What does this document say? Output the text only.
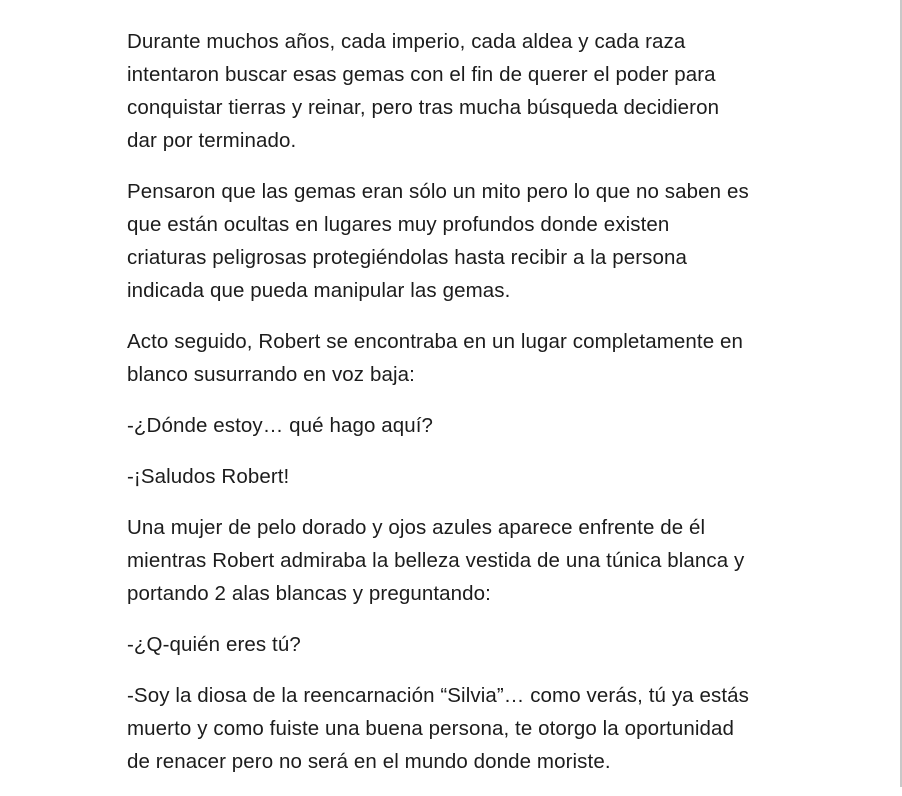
Durante muchos años, cada imperio, cada aldea y cada raza
intentaron buscar esas gemas con el fin de querer el poder para
conquistar tierras y reinar, pero tras mucha búsqueda decidieron
dar por terminado.

Pensaron que las gemas eran sólo un mito pero lo que no saben es
que están ocultas en lugares muy profundos donde existen
criaturas peligrosas protegiéndolas hasta recibir a la persona
indicada que pueda manipular las gemas.

Acto seguido, Robert se encontraba en un lugar completamente en
blanco susurrando en voz baja:

-¿Dónde estoy… qué hago aquí?

-¡Saludos Robert!

Una mujer de pelo dorado y ojos azules aparece enfrente de él
mientras Robert admiraba la belleza vestida de una túnica blanca y
portando 2 alas blancas y preguntando:

-¿Q-quién eres tú?

-Soy la diosa de la reencarnación “Silvia”… como verás, tú ya estás
muerto y como fuiste una buena persona, te otorgo la oportunidad
de renacer pero no será en el mundo donde moriste.
